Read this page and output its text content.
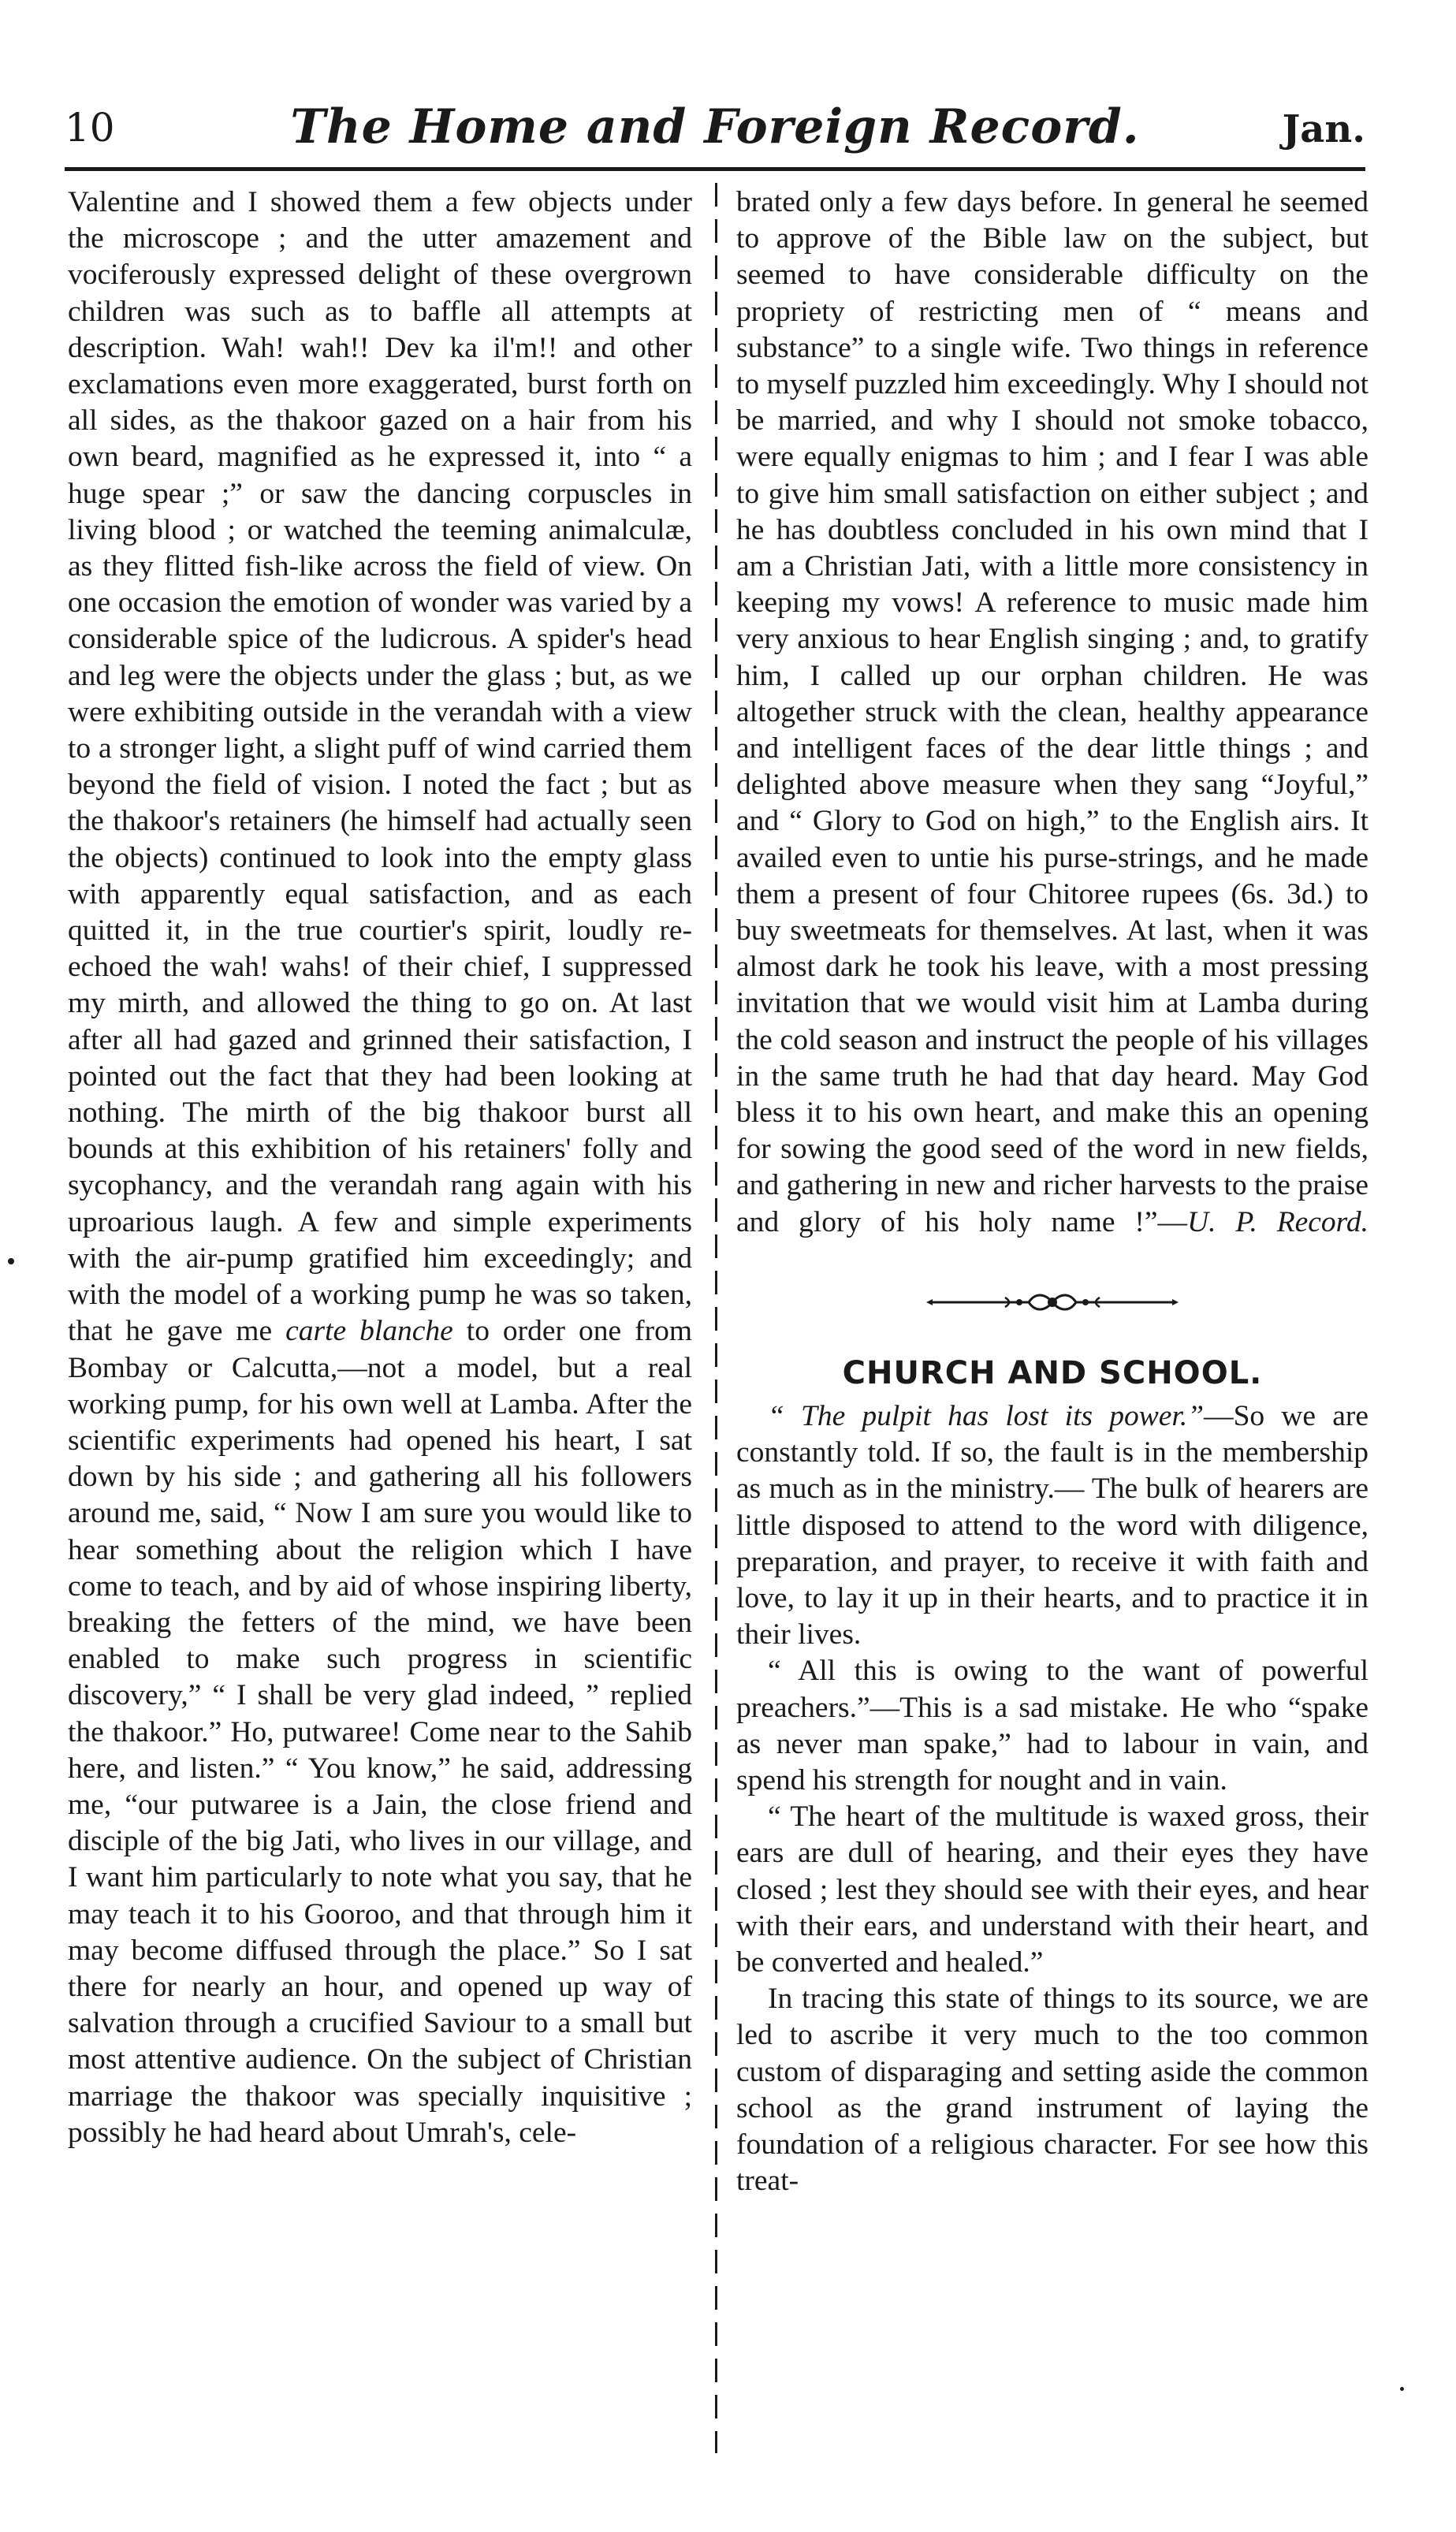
10	The Home and Foreign Record.	Jan.

Valentine and I showed them a few objects under the microscope ; and the utter amazement and vociferously expressed delight of these overgrown children was such as to baffle all attempts at description. Wah! wah!! Dev ka il'm!! and other exclamations even more exaggerated, burst forth on all sides, as the thakoor gazed on a hair from his own beard, magnified as he expressed it, into “ a huge spear ;” or saw the dancing corpuscles in living blood ; or watched the teeming animalculæ, as they flitted fish-like across the field of view. On one occasion the emotion of wonder was varied by a considerable spice of the ludicrous. A spider's head and leg were the objects under the glass ; but, as we were exhibiting outside in the verandah with a view to a stronger light, a slight puff of wind carried them beyond the field of vision. I noted the fact ; but as the thakoor's retainers (he himself had actually seen the objects) continued to look into the empty glass with apparently equal satisfaction, and as each quitted it, in the true courtier's spirit, loudly re-echoed the wah! wahs! of their chief, I suppressed my mirth, and allowed the thing to go on. At last after all had gazed and grinned their satisfaction, I pointed out the fact that they had been looking at nothing. The mirth of the big thakoor burst all bounds at this exhibition of his retainers' folly and sycophancy, and the verandah rang again with his uproarious laugh. A few and simple experiments with the air-pump gratified him exceedingly; and with the model of a working pump he was so taken, that he gave me carte blanche to order one from Bombay or Calcutta,—not a model, but a real working pump, for his own well at Lamba. After the scientific experiments had opened his heart, I sat down by his side ; and gathering all his followers around me, said, “ Now I am sure you would like to hear something about the religion which I have come to teach, and by aid of whose inspiring liberty, breaking the fetters of the mind, we have been enabled to make such progress in scientific discovery,” “ I shall be very glad indeed, ” replied the thakoor.” Ho, putwaree! Come near to the Sahib here, and listen.” “ You know,” he said, addressing me, “our putwaree is a Jain, the close friend and disciple of the big Jati, who lives in our village, and I want him particularly to note what you say, that he may teach it to his Gooroo, and that through him it may become diffused through the place.” So I sat there for nearly an hour, and opened up way of salvation through a crucified Saviour to a small but most attentive audience. On the subject of Christian marriage the thakoor was specially inquisitive ; possibly he had heard about Umrah's, cele-

brated only a few days before. In general he seemed to approve of the Bible law on the subject, but seemed to have considerable difficulty on the propriety of restricting men of “ means and substance” to a single wife. Two things in reference to myself puzzled him exceedingly. Why I should not be married, and why I should not smoke tobacco, were equally enigmas to him ; and I fear I was able to give him small satisfaction on either subject ; and he has doubtless concluded in his own mind that I am a Christian Jati, with a little more consistency in keeping my vows! A reference to music made him very anxious to hear English singing ; and, to gratify him, I called up our orphan children. He was altogether struck with the clean, healthy appearance and intelligent faces of the dear little things ; and delighted above measure when they sang “Joyful,” and “ Glory to God on high,” to the English airs. It availed even to untie his purse-strings, and he made them a present of four Chitoree rupees (6s. 3d.) to buy sweetmeats for themselves. At last, when it was almost dark he took his leave, with a most pressing invitation that we would visit him at Lamba during the cold season and instruct the people of his villages in the same truth he had that day heard. May God bless it to his own heart, and make this an opening for sowing the good seed of the word in new fields, and gathering in new and richer harvests to the praise and glory of his holy name !”—U. P. Record.

CHURCH AND SCHOOL.

“ The pulpit has lost its power.”—So we are constantly told. If so, the fault is in the membership as much as in the ministry.— The bulk of hearers are little disposed to attend to the word with diligence, preparation, and prayer, to receive it with faith and love, to lay it up in their hearts, and to practice it in their lives.

“ All this is owing to the want of powerful preachers.”—This is a sad mistake. He who “spake as never man spake,” had to labour in vain, and spend his strength for nought and in vain.

“ The heart of the multitude is waxed gross, their ears are dull of hearing, and their eyes they have closed ; lest they should see with their eyes, and hear with their ears, and understand with their heart, and be converted and healed.”

In tracing this state of things to its source, we are led to ascribe it very much to the too common custom of disparaging and setting aside the common school as the grand instrument of laying the foundation of a religious character. For see how this treat-
